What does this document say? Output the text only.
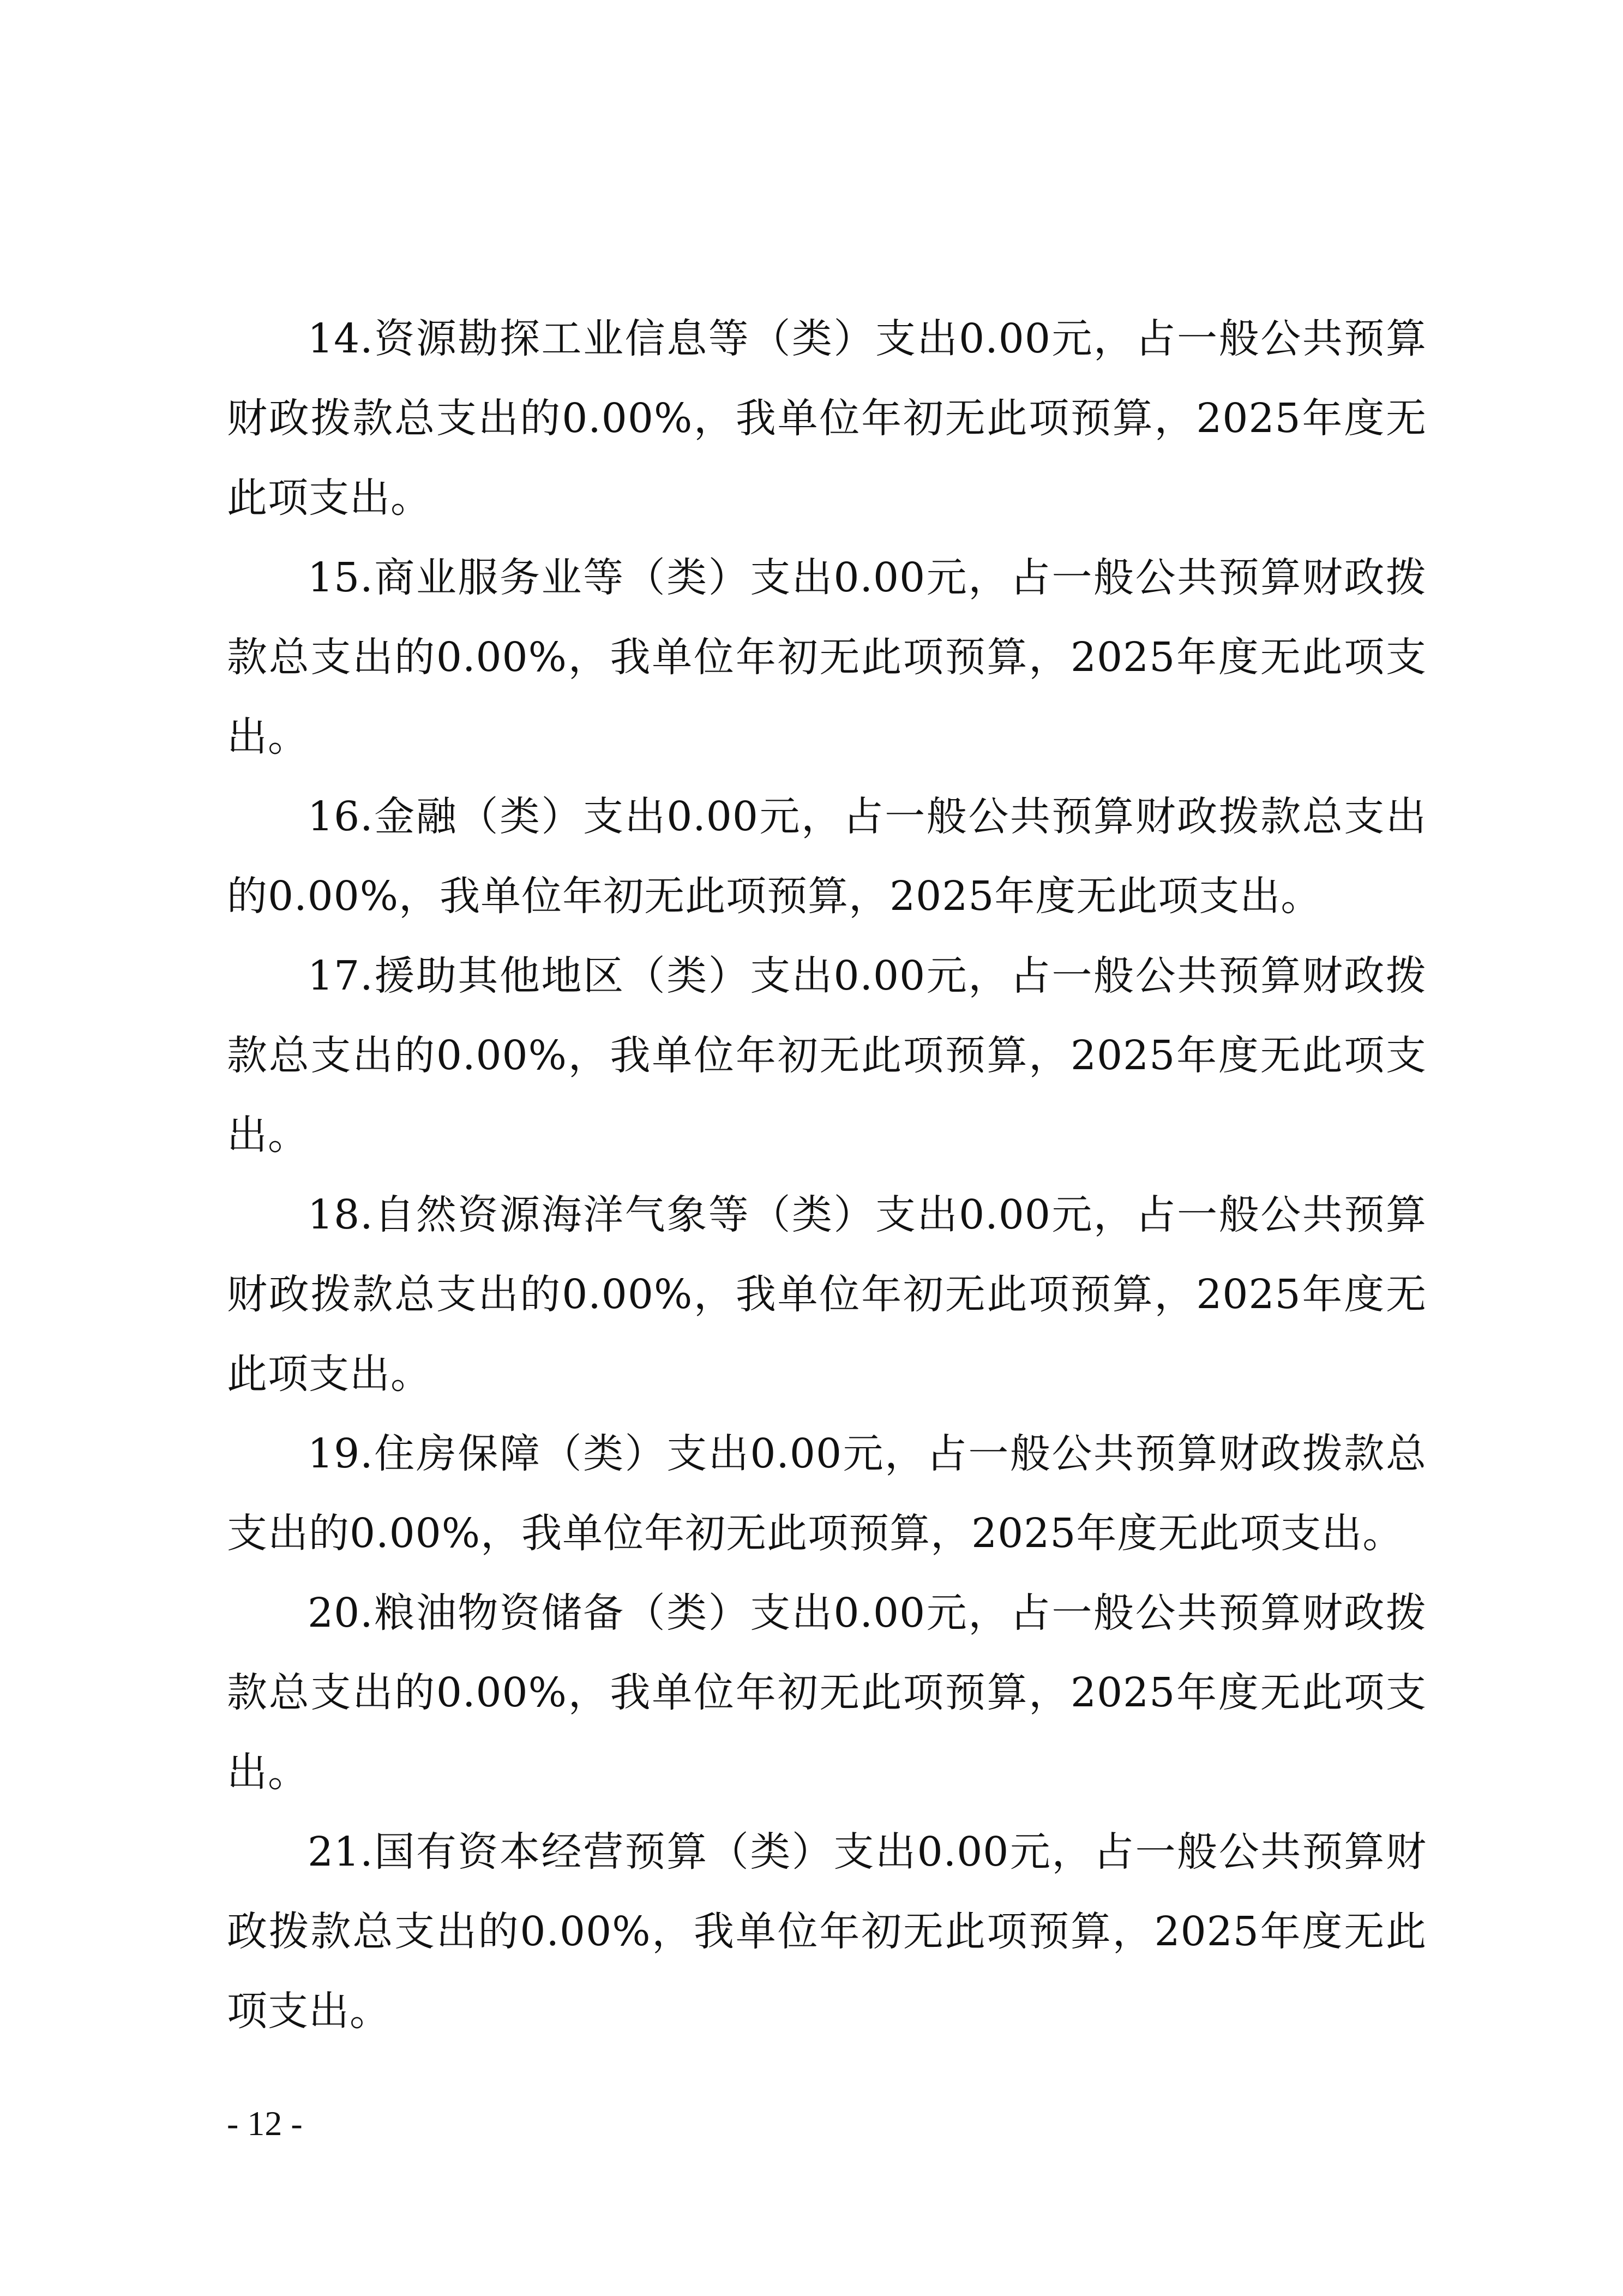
14.资源勘探工业信息等（类）支出0.00元，占一般公共预算财政拨款总支出的0.00%，我单位年初无此项预算，2025年度无此项支出。

15.商业服务业等（类）支出0.00元，占一般公共预算财政拨款总支出的0.00%，我单位年初无此项预算，2025年度无此项支出。

16.金融（类）支出0.00元，占一般公共预算财政拨款总支出的0.00%，我单位年初无此项预算，2025年度无此项支出。

17.援助其他地区（类）支出0.00元，占一般公共预算财政拨款总支出的0.00%，我单位年初无此项预算，2025年度无此项支出。

18.自然资源海洋气象等（类）支出0.00元，占一般公共预算财政拨款总支出的0.00%，我单位年初无此项预算，2025年度无此项支出。

19.住房保障（类）支出0.00元，占一般公共预算财政拨款总支出的0.00%，我单位年初无此项预算，2025年度无此项支出。

20.粮油物资储备（类）支出0.00元，占一般公共预算财政拨款总支出的0.00%，我单位年初无此项预算，2025年度无此项支出。

21.国有资本经营预算（类）支出0.00元，占一般公共预算财政拨款总支出的0.00%，我单位年初无此项预算，2025年度无此项支出。

- 12 -
